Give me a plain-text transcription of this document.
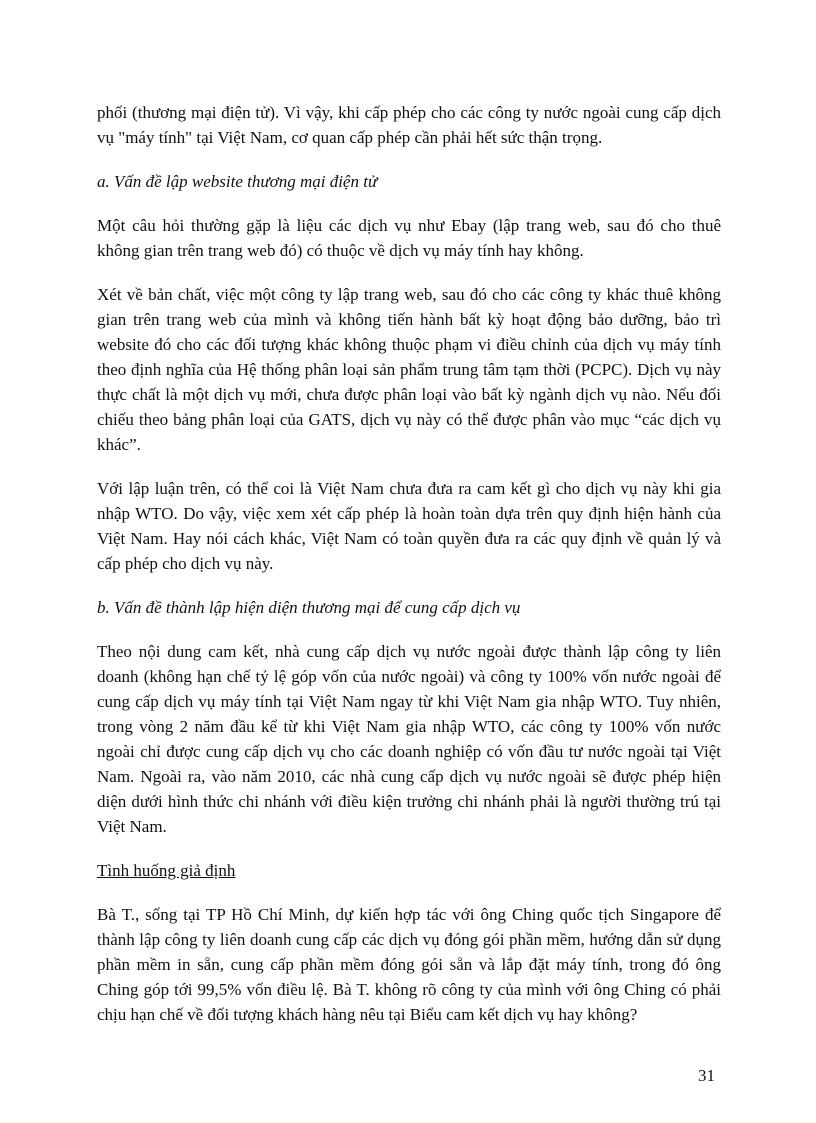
phối (thương mại điện tử). Vì vậy, khi cấp phép cho các công ty nước ngoài cung cấp dịch vụ "máy tính" tại Việt Nam, cơ quan cấp phép cần phải hết sức thận trọng.

a. Vấn đề lập website thương mại điện tử

Một câu hỏi thường gặp là liệu các dịch vụ như Ebay (lập trang web, sau đó cho thuê không gian trên trang web đó) có thuộc về dịch vụ máy tính hay không.

Xét về bản chất, việc một công ty lập trang web, sau đó cho các công ty khác thuê không gian trên trang web của mình và không tiến hành bất kỳ hoạt động bảo dưỡng, bảo trì website đó cho các đối tượng khác không thuộc phạm vi điều chỉnh của dịch vụ máy tính theo định nghĩa của Hệ thống phân loại sản phẩm trung tâm tạm thời (PCPC). Dịch vụ này thực chất là một dịch vụ mới, chưa được phân loại vào bất kỳ ngành dịch vụ nào. Nếu đối chiếu theo bảng phân loại của GATS, dịch vụ này có thể được phân vào mục “các dịch vụ khác”.

Với lập luận trên, có thể coi là Việt Nam chưa đưa ra cam kết gì cho dịch vụ này khi gia nhập WTO. Do vậy, việc xem xét cấp phép là hoàn toàn dựa trên quy định hiện hành của Việt Nam. Hay nói cách khác, Việt Nam có toàn quyền đưa ra các quy định về quản lý và cấp phép cho dịch vụ này.

b. Vấn đề thành lập hiện diện thương mại để cung cấp dịch vụ

Theo nội dung cam kết, nhà cung cấp dịch vụ nước ngoài được thành lập công ty liên doanh (không hạn chế tỷ lệ góp vốn của nước ngoài) và công ty 100% vốn nước ngoài để cung cấp dịch vụ máy tính tại Việt Nam ngay từ khi Việt Nam gia nhập WTO. Tuy nhiên, trong vòng 2 năm đầu kể từ khi Việt Nam gia nhập WTO, các công ty 100% vốn nước ngoài chỉ được cung cấp dịch vụ cho các doanh nghiệp có vốn đầu tư nước ngoài tại Việt Nam. Ngoài ra, vào năm 2010, các nhà cung cấp dịch vụ nước ngoài sẽ được phép hiện diện dưới hình thức chi nhánh với điều kiện trưởng chi nhánh phải là người thường trú tại Việt Nam.

Tình huống giả định

Bà T., sống tại TP Hồ Chí Minh, dự kiến hợp tác với ông Ching quốc tịch Singapore để thành lập công ty liên doanh cung cấp các dịch vụ đóng gói phần mềm, hướng dẫn sử dụng phần mềm in sẵn, cung cấp phần mềm đóng gói sẵn và lắp đặt máy tính, trong đó ông Ching góp tới 99,5% vốn điều lệ. Bà T. không rõ công ty của mình với ông Ching có phải chịu hạn chế về đối tượng khách hàng nêu tại Biểu cam kết dịch vụ hay không?

31
